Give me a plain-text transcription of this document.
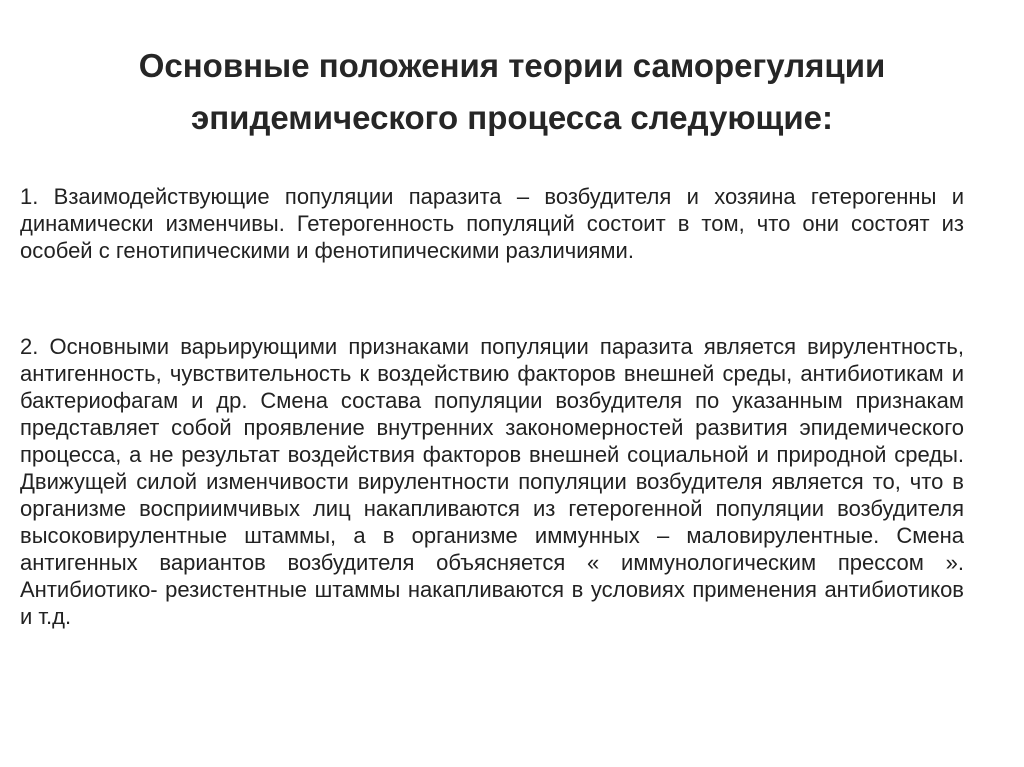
Основные положения теории саморегуляции
эпидемического процесса следующие:

1. Взаимодействующие популяции паразита – возбудителя и хозяина гетерогенны и динамически изменчивы. Гетерогенность популяций состоит в том, что они состоят из особей с генотипическими и фенотипическими различиями.

2. Основными варьирующими признаками популяции паразита является вирулентность, антигенность, чувствительность к воздействию факторов внешней среды, антибиотикам и бактериофагам и др. Смена состава популяции возбудителя по указанным признакам представляет собой проявление внутренних закономерностей развития эпидемического процесса, а не результат воздействия факторов внешней социальной и природной среды. Движущей силой изменчивости вирулентности популяции возбудителя является то, что в организме восприимчивых лиц накапливаются из гетерогенной популяции возбудителя высоковирулентные штаммы, а в организме иммунных – маловирулентные. Смена антигенных вариантов возбудителя объясняется « иммунологическим прессом ». Антибиотико- резистентные штаммы накапливаются в условиях применения антибиотиков и т.д.
